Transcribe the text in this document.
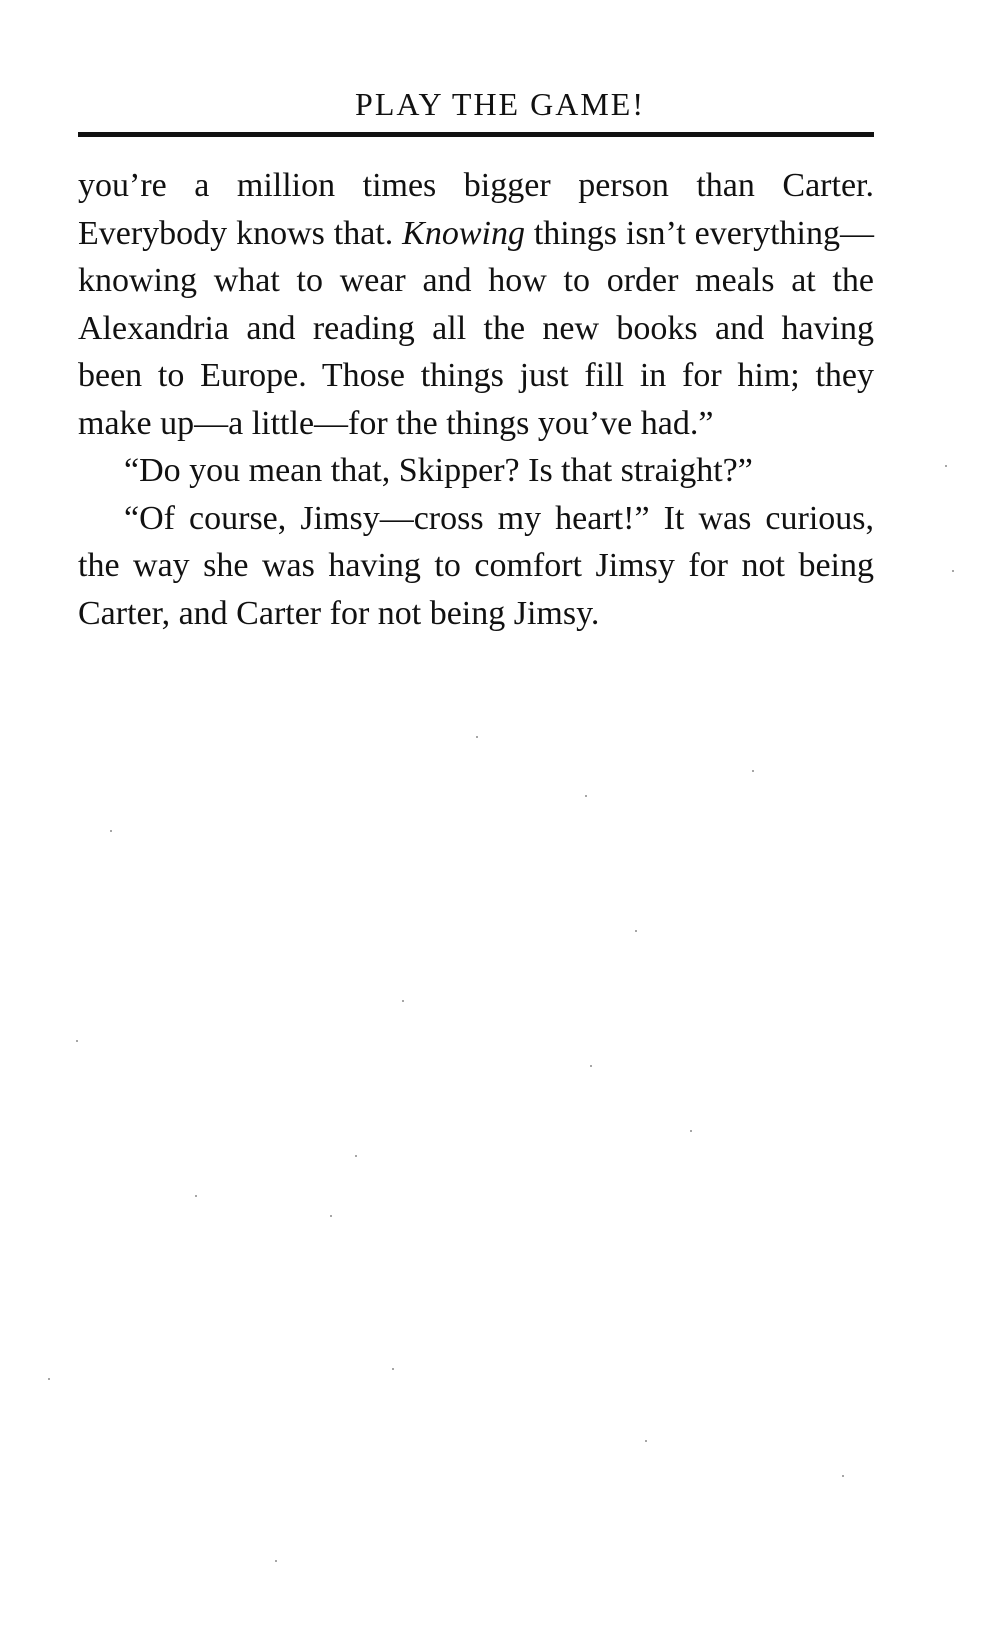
PLAY THE GAME!

you’re a million times bigger person than Carter. Everybody knows that. Knowing things isn’t everything—knowing what to wear and how to order meals at the Alexandria and reading all the new books and having been to Europe. Those things just fill in for him; they make up—a little—for the things you’ve had.”

“Do you mean that, Skipper? Is that straight?”

“Of course, Jimsy—cross my heart!” It was curious, the way she was having to comfort Jimsy for not being Carter, and Carter for not being Jimsy.
